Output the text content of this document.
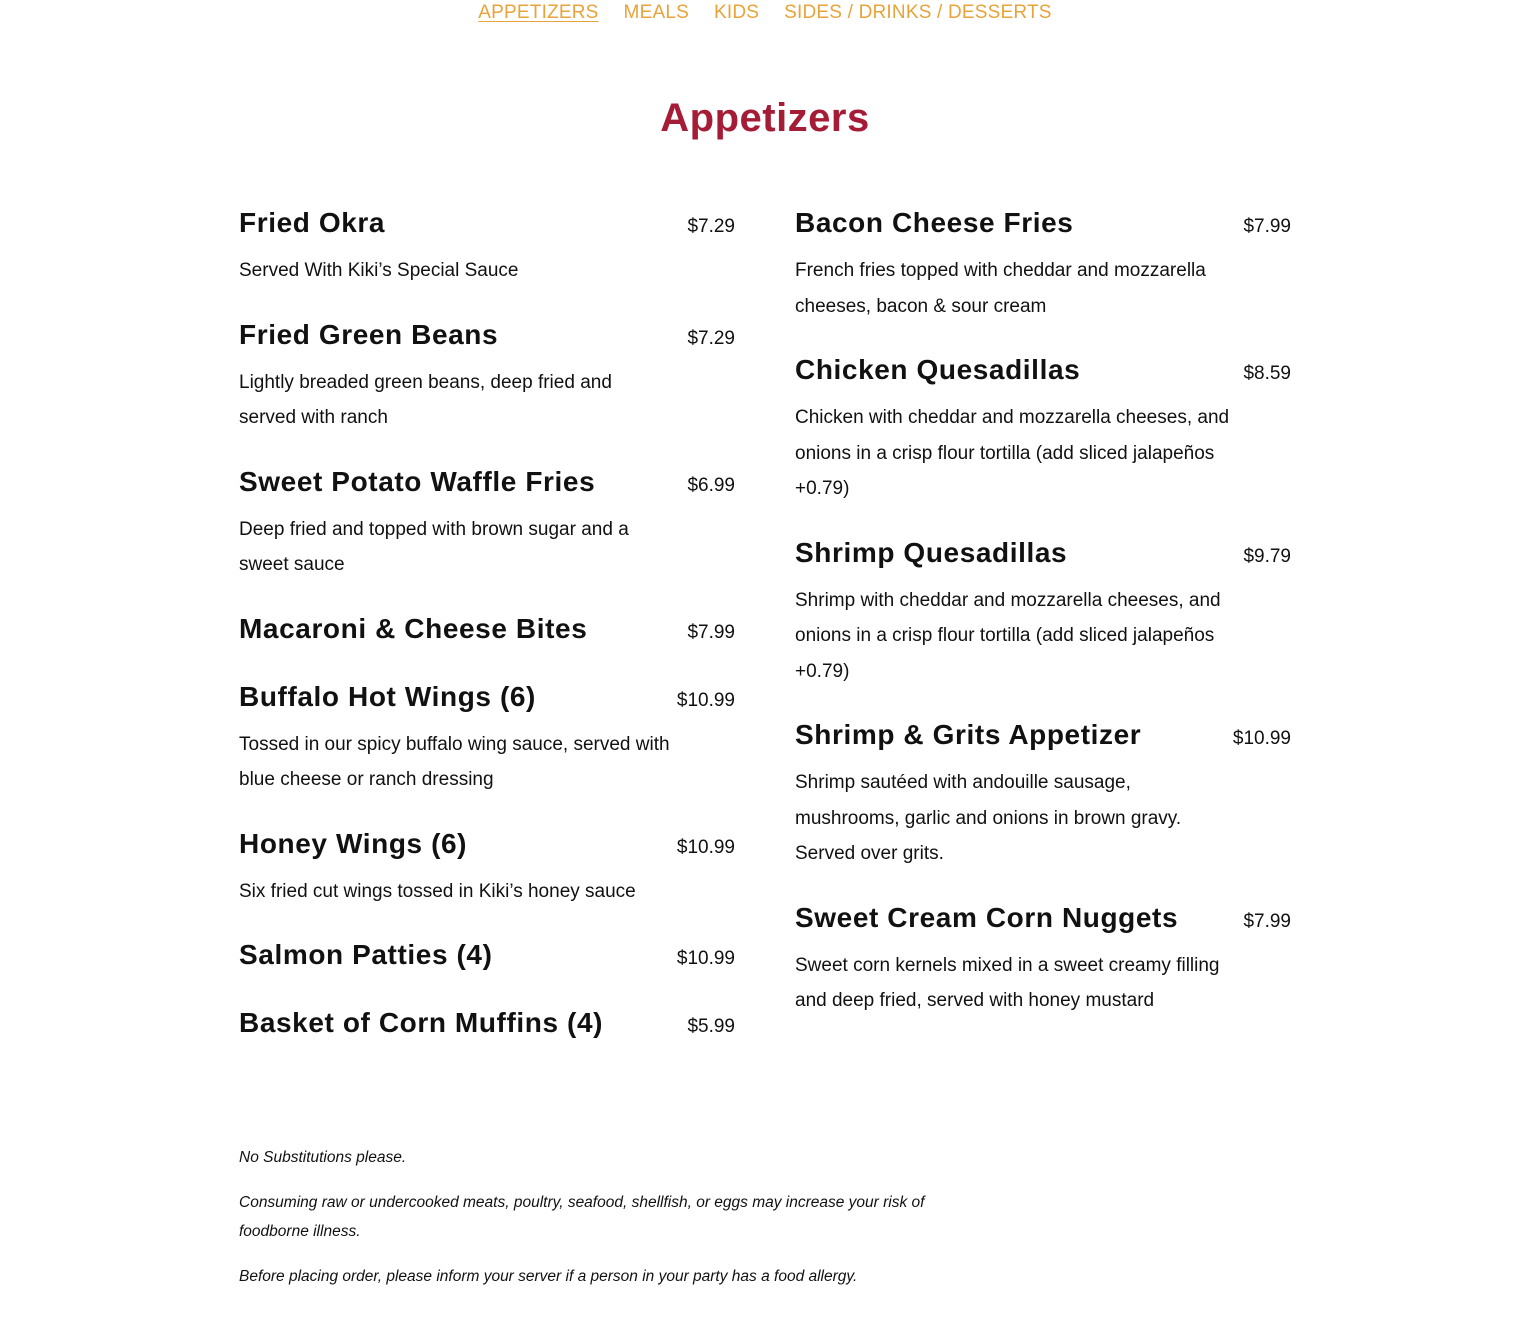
APPETIZERS MEALS KIDS SIDES / DRINKS / DESSERTS
Appetizers
Fried Okra	$7.29
Served With Kiki’s Special Sauce
Fried Green Beans	$7.29
Lightly breaded green beans, deep fried and served with ranch
Sweet Potato Waffle Fries	$6.99
Deep fried and topped with brown sugar and a sweet sauce
Macaroni & Cheese Bites	$7.99
Buffalo Hot Wings (6)	$10.99
Tossed in our spicy buffalo wing sauce, served with blue cheese or ranch dressing
Honey Wings (6)	$10.99
Six fried cut wings tossed in Kiki’s honey sauce
Salmon Patties (4)	$10.99
Basket of Corn Muffins (4)	$5.99
Bacon Cheese Fries	$7.99
French fries topped with cheddar and mozzarella cheeses, bacon & sour cream
Chicken Quesadillas	$8.59
Chicken with cheddar and mozzarella cheeses, and onions in a crisp flour tortilla (add sliced jalapeños +0.79)
Shrimp Quesadillas	$9.79
Shrimp with cheddar and mozzarella cheeses, and onions in a crisp flour tortilla (add sliced jalapeños +0.79)
Shrimp & Grits Appetizer	$10.99
Shrimp sautéed with andouille sausage, mushrooms, garlic and onions in brown gravy. Served over grits.
Sweet Cream Corn Nuggets	$7.99
Sweet corn kernels mixed in a sweet creamy filling and deep fried, served with honey mustard

No Substitutions please.

Consuming raw or undercooked meats, poultry, seafood, shellfish, or eggs may increase your risk of foodborne illness.

Before placing order, please inform your server if a person in your party has a food allergy.
